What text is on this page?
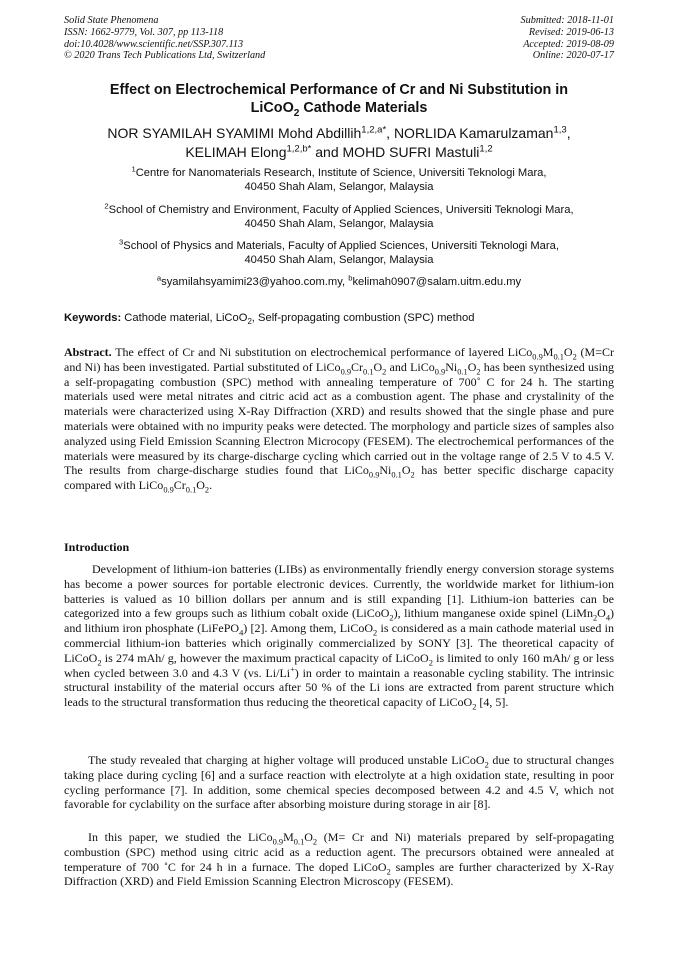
Solid State Phenomena
ISSN: 1662-9779, Vol. 307, pp 113-118
doi:10.4028/www.scientific.net/SSP.307.113
© 2020 Trans Tech Publications Ltd, Switzerland
Submitted: 2018-11-01
Revised: 2019-06-13
Accepted: 2019-08-09
Online: 2020-07-17
Effect on Electrochemical Performance of Cr and Ni Substitution in
LiCoO$_2$ Cathode Materials
NOR SYAMILAH SYAMIMI Mohd Abdillih$^{1,2,a*}$, NORLIDA Kamarulzaman$^{1,3}$,
KELIMAH Elong$^{1,2,b*}$ and MOHD SUFRI Mastuli$^{1,2}$
$^1$Centre for Nanomaterials Research, Institute of Science, Universiti Teknologi Mara,
40450 Shah Alam, Selangor, Malaysia
$^2$School of Chemistry and Environment, Faculty of Applied Sciences, Universiti Teknologi Mara,
40450 Shah Alam, Selangor, Malaysia
$^3$School of Physics and Materials, Faculty of Applied Sciences, Universiti Teknologi Mara,
40450 Shah Alam, Selangor, Malaysia
$^a$syamilahsyamimi23@yahoo.com.my, $^b$kelimah0907@salam.uitm.edu.my
Keywords: Cathode material, LiCoO$_2$, Self-propagating combustion (SPC) method

Abstract. The effect of Cr and Ni substitution on electrochemical performance of layered $LiCo_{0.9}M_{0.1}O_2$ (M=Cr and Ni) has been investigated. Partial substituted of $LiCo_{0.9}Cr_{0.1}O_2$ and $LiCo_{0.9}Ni_{0.1}O_2$ has been synthesized using a self-propagating combustion (SPC) method with annealing temperature of 700˚ C for 24 h. The starting materials used were metal nitrates and citric acid act as a combustion agent. The phase and crystalinity of the materials were characterized using X-Ray Diffraction (XRD) and results showed that the single phase and pure materials were obtained with no impurity peaks were detected. The morphology and particle sizes of samples also analyzed using Field Emission Scanning Electron Microcopy (FESEM). The electrochemical performances of the materials were measured by its charge-discharge cycling which carried out in the voltage range of 2.5 V to 4.5 V. The results from charge-discharge studies found that $LiCo_{0.9}Ni_{0.1}O_2$ has better specific discharge capacity compared with $LiCo_{0.9}Cr_{0.1}O_2$.

Introduction

Development of lithium-ion batteries (LIBs) as environmentally friendly energy conversion storage systems has become a power sources for portable electronic devices. Currently, the worldwide market for lithium-ion batteries is valued as 10 billion dollars per annum and is still expanding [1]. Lithium-ion batteries can be categorized into a few groups such as lithium cobalt oxide (LiCoO$_2$), lithium manganese oxide spinel $(LiMn_2O_4)$ and lithium iron phosphate (LiFePO$_4$) [2]. Among them, LiCoO$_2$ is considered as a main cathode material used in commercial lithium-ion batteries which originally commercialized by SONY [3]. The theoretical capacity of LiCoO$_2$ is 274 mAh/ g, however the maximum practical capacity of LiCoO$_2$ is limited to only 160 mAh/ g or less when cycled between 3.0 and 4.3 V (vs. Li/Li+) in order to maintain a reasonable cycling stability. The intrinsic structural instability of the material occurs after 50 % of the Li ions are extracted from parent structure which leads to the structural transformation thus reducing the theoretical capacity of LiCoO$_2$ [4, 5].

The study revealed that charging at higher voltage will produced unstable LiCoO$_2$ due to structural changes taking place during cycling [6] and a surface reaction with electrolyte at a high oxidation state, resulting in poor cycling performance [7]. In addition, some chemical species decomposed between 4.2 and 4.5 V, which not favorable for cyclability on the surface after absorbing moisture during storage in air [8].

In this paper, we studied the $LiCo_{0.9}M_{0.1}O_2$ (M= Cr and Ni) materials prepared by self-propagating combustion (SPC) method using citric acid as a reduction agent. The precursors obtained were annealed at temperature of 700 ˚C for 24 h in a furnace. The doped LiCoO$_2$ samples are further characterized by X-Ray Diffraction (XRD) and Field Emission Scanning Electron Microscopy (FESEM).
